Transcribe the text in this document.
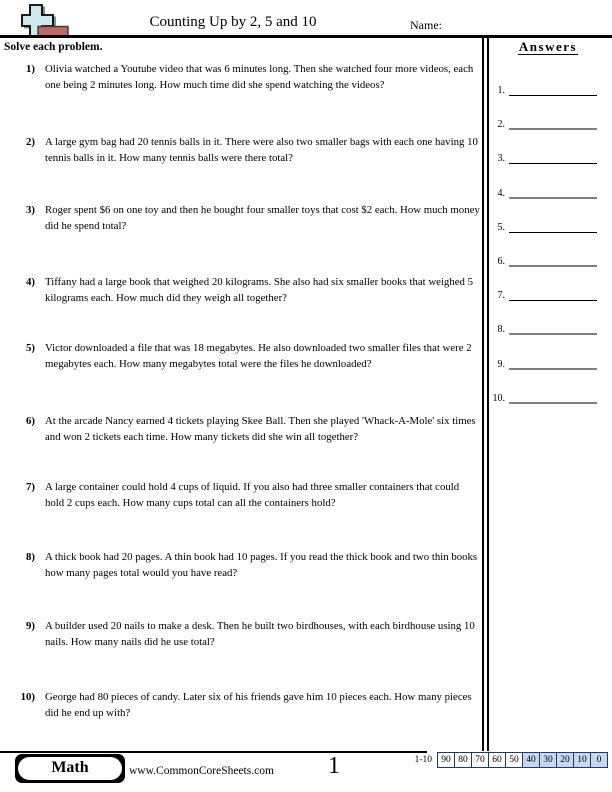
Counting Up by 2, 5 and 10	Name:
Solve each problem.	Answers
1.
2.
3.
4.
5.
6.
7.
8.
9.
10.
1) Olivia watched a Youtube video that was 6 minutes long. Then she watched four more videos, each one being 2 minutes long. How much time did she spend watching the videos?
2) A large gym bag had 20 tennis balls in it. There were also two smaller bags with each one having 10 tennis balls in it. How many tennis balls were there total?
3) Roger spent $6 on one toy and then he bought four smaller toys that cost $2 each. How much money did he spend total?
4) Tiffany had a large book that weighed 20 kilograms. She also had six smaller books that weighed 5 kilograms each. How much did they weigh all together?
5) Victor downloaded a file that was 18 megabytes. He also downloaded two smaller files that were 2 megabytes each. How many megabytes total were the files he downloaded?
6) At the arcade Nancy earned 4 tickets playing Skee Ball. Then she played 'Whack-A-Mole' six times and won 2 tickets each time. How many tickets did she win all together?
7) A large container could hold 4 cups of liquid. If you also had three smaller containers that could hold 2 cups each. How many cups total can all the containers hold?
8) A thick book had 20 pages. A thin book had 10 pages. If you read the thick book and two thin books how many pages total would you have read?
9) A builder used 20 nails to make a desk. Then he built two birdhouses, with each birdhouse using 10 nails. How many nails did he use total?
10) George had 80 pieces of candy. Later six of his friends gave him 10 pieces each. How many pieces did he end up with?
Math	www.CommonCoreSheets.com 1	1-10 90 80 70 60 50 40 30 20 10	0
